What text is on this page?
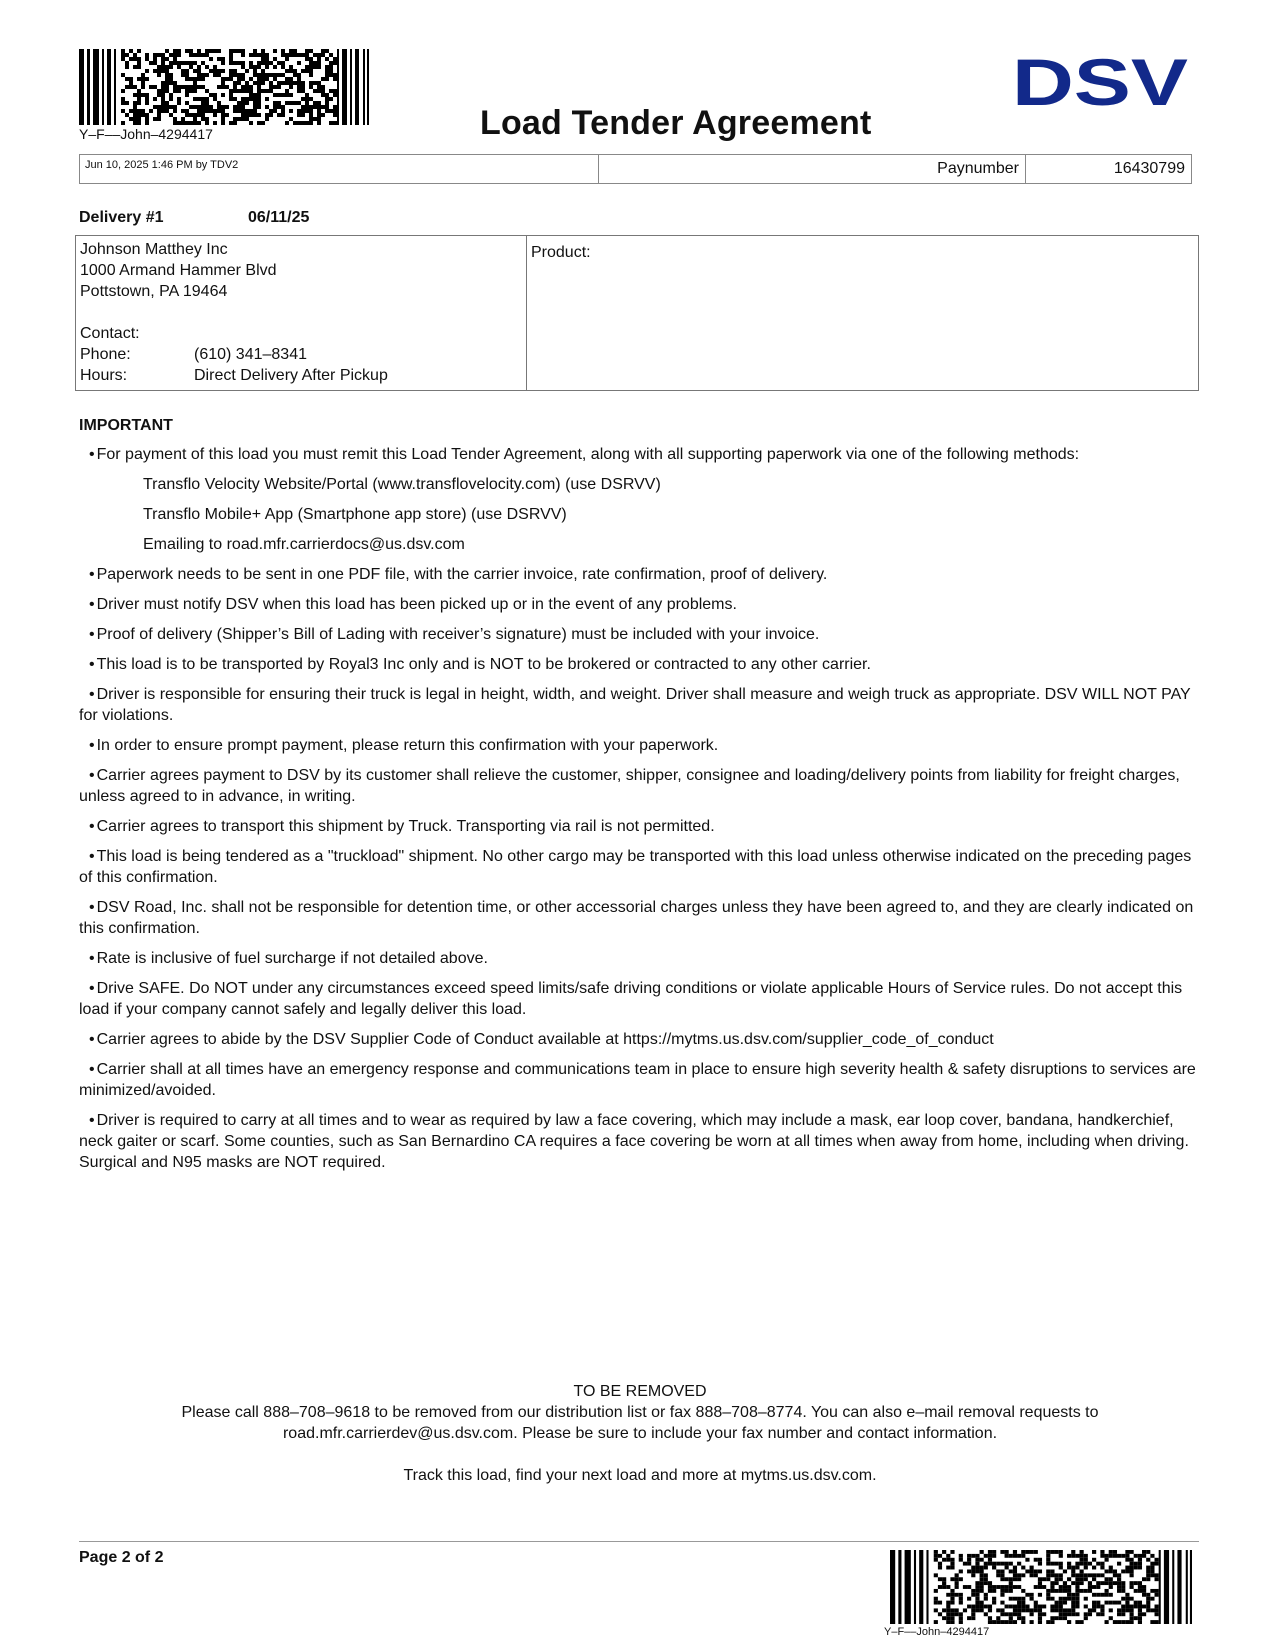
Y–F––John–4294417	Load Tender Agreement
DSV
Jun 10, 2025 1:46 PM by TDV2	Paynumber	16430799
Delivery #1	06/11/25
Johnson Matthey Inc
1000 Armand Hammer Blvd
Pottstown, PA 19464
Contact:
Phone:	(610) 341–8341
Hours:	Direct Delivery After Pickup
Product:
IMPORTANT
• For payment of this load you must remit this Load Tender Agreement, along with all supporting paperwork via one of the following methods:
Transflo Velocity Website/Portal (www.transflovelocity.com) (use DSRVV)
Transflo Mobile+ App (Smartphone app store) (use DSRVV)
Emailing to road.mfr.carrierdocs@us.dsv.com
• Paperwork needs to be sent in one PDF file, with the carrier invoice, rate confirmation, proof of delivery.
• Driver must notify DSV when this load has been picked up or in the event of any problems.
• Proof of delivery (Shipper’s Bill of Lading with receiver’s signature) must be included with your invoice.
• This load is to be transported by Royal3 Inc only and is NOT to be brokered or contracted to any other carrier.
• Driver is responsible for ensuring their truck is legal in height, width, and weight. Driver shall measure and weigh truck as appropriate. DSV WILL NOT PAY for violations.
• In order to ensure prompt payment, please return this confirmation with your paperwork.
• Carrier agrees payment to DSV by its customer shall relieve the customer, shipper, consignee and loading/delivery points from liability for freight charges, unless agreed to in advance, in writing.
• Carrier agrees to transport this shipment by Truck. Transporting via rail is not permitted.
• This load is being tendered as a "truckload" shipment. No other cargo may be transported with this load unless otherwise indicated on the preceding pages of this confirmation.
• DSV Road, Inc. shall not be responsible for detention time, or other accessorial charges unless they have been agreed to, and they are clearly indicated on this confirmation.
• Rate is inclusive of fuel surcharge if not detailed above.
• Drive SAFE. Do NOT under any circumstances exceed speed limits/safe driving conditions or violate applicable Hours of Service rules. Do not accept this load if your company cannot safely and legally deliver this load.
• Carrier agrees to abide by the DSV Supplier Code of Conduct available at https://mytms.us.dsv.com/supplier_code_of_conduct
• Carrier shall at all times have an emergency response and communications team in place to ensure high severity health & safety disruptions to services are minimized/avoided.
• Driver is required to carry at all times and to wear as required by law a face covering, which may include a mask, ear loop cover, bandana, handkerchief, neck gaiter or scarf. Some counties, such as San Bernardino CA requires a face covering be worn at all times when away from home, including when driving. Surgical and N95 masks are NOT required.
TO BE REMOVED
Please call 888–708–9618 to be removed from our distribution list or fax 888–708–8774. You can also e–mail removal requests to road.mfr.carrierdev@us.dsv.com. Please be sure to include your fax number and contact information.
Track this load, find your next load and more at mytms.us.dsv.com.
Page 2 of 2
Y–F––John–4294417
